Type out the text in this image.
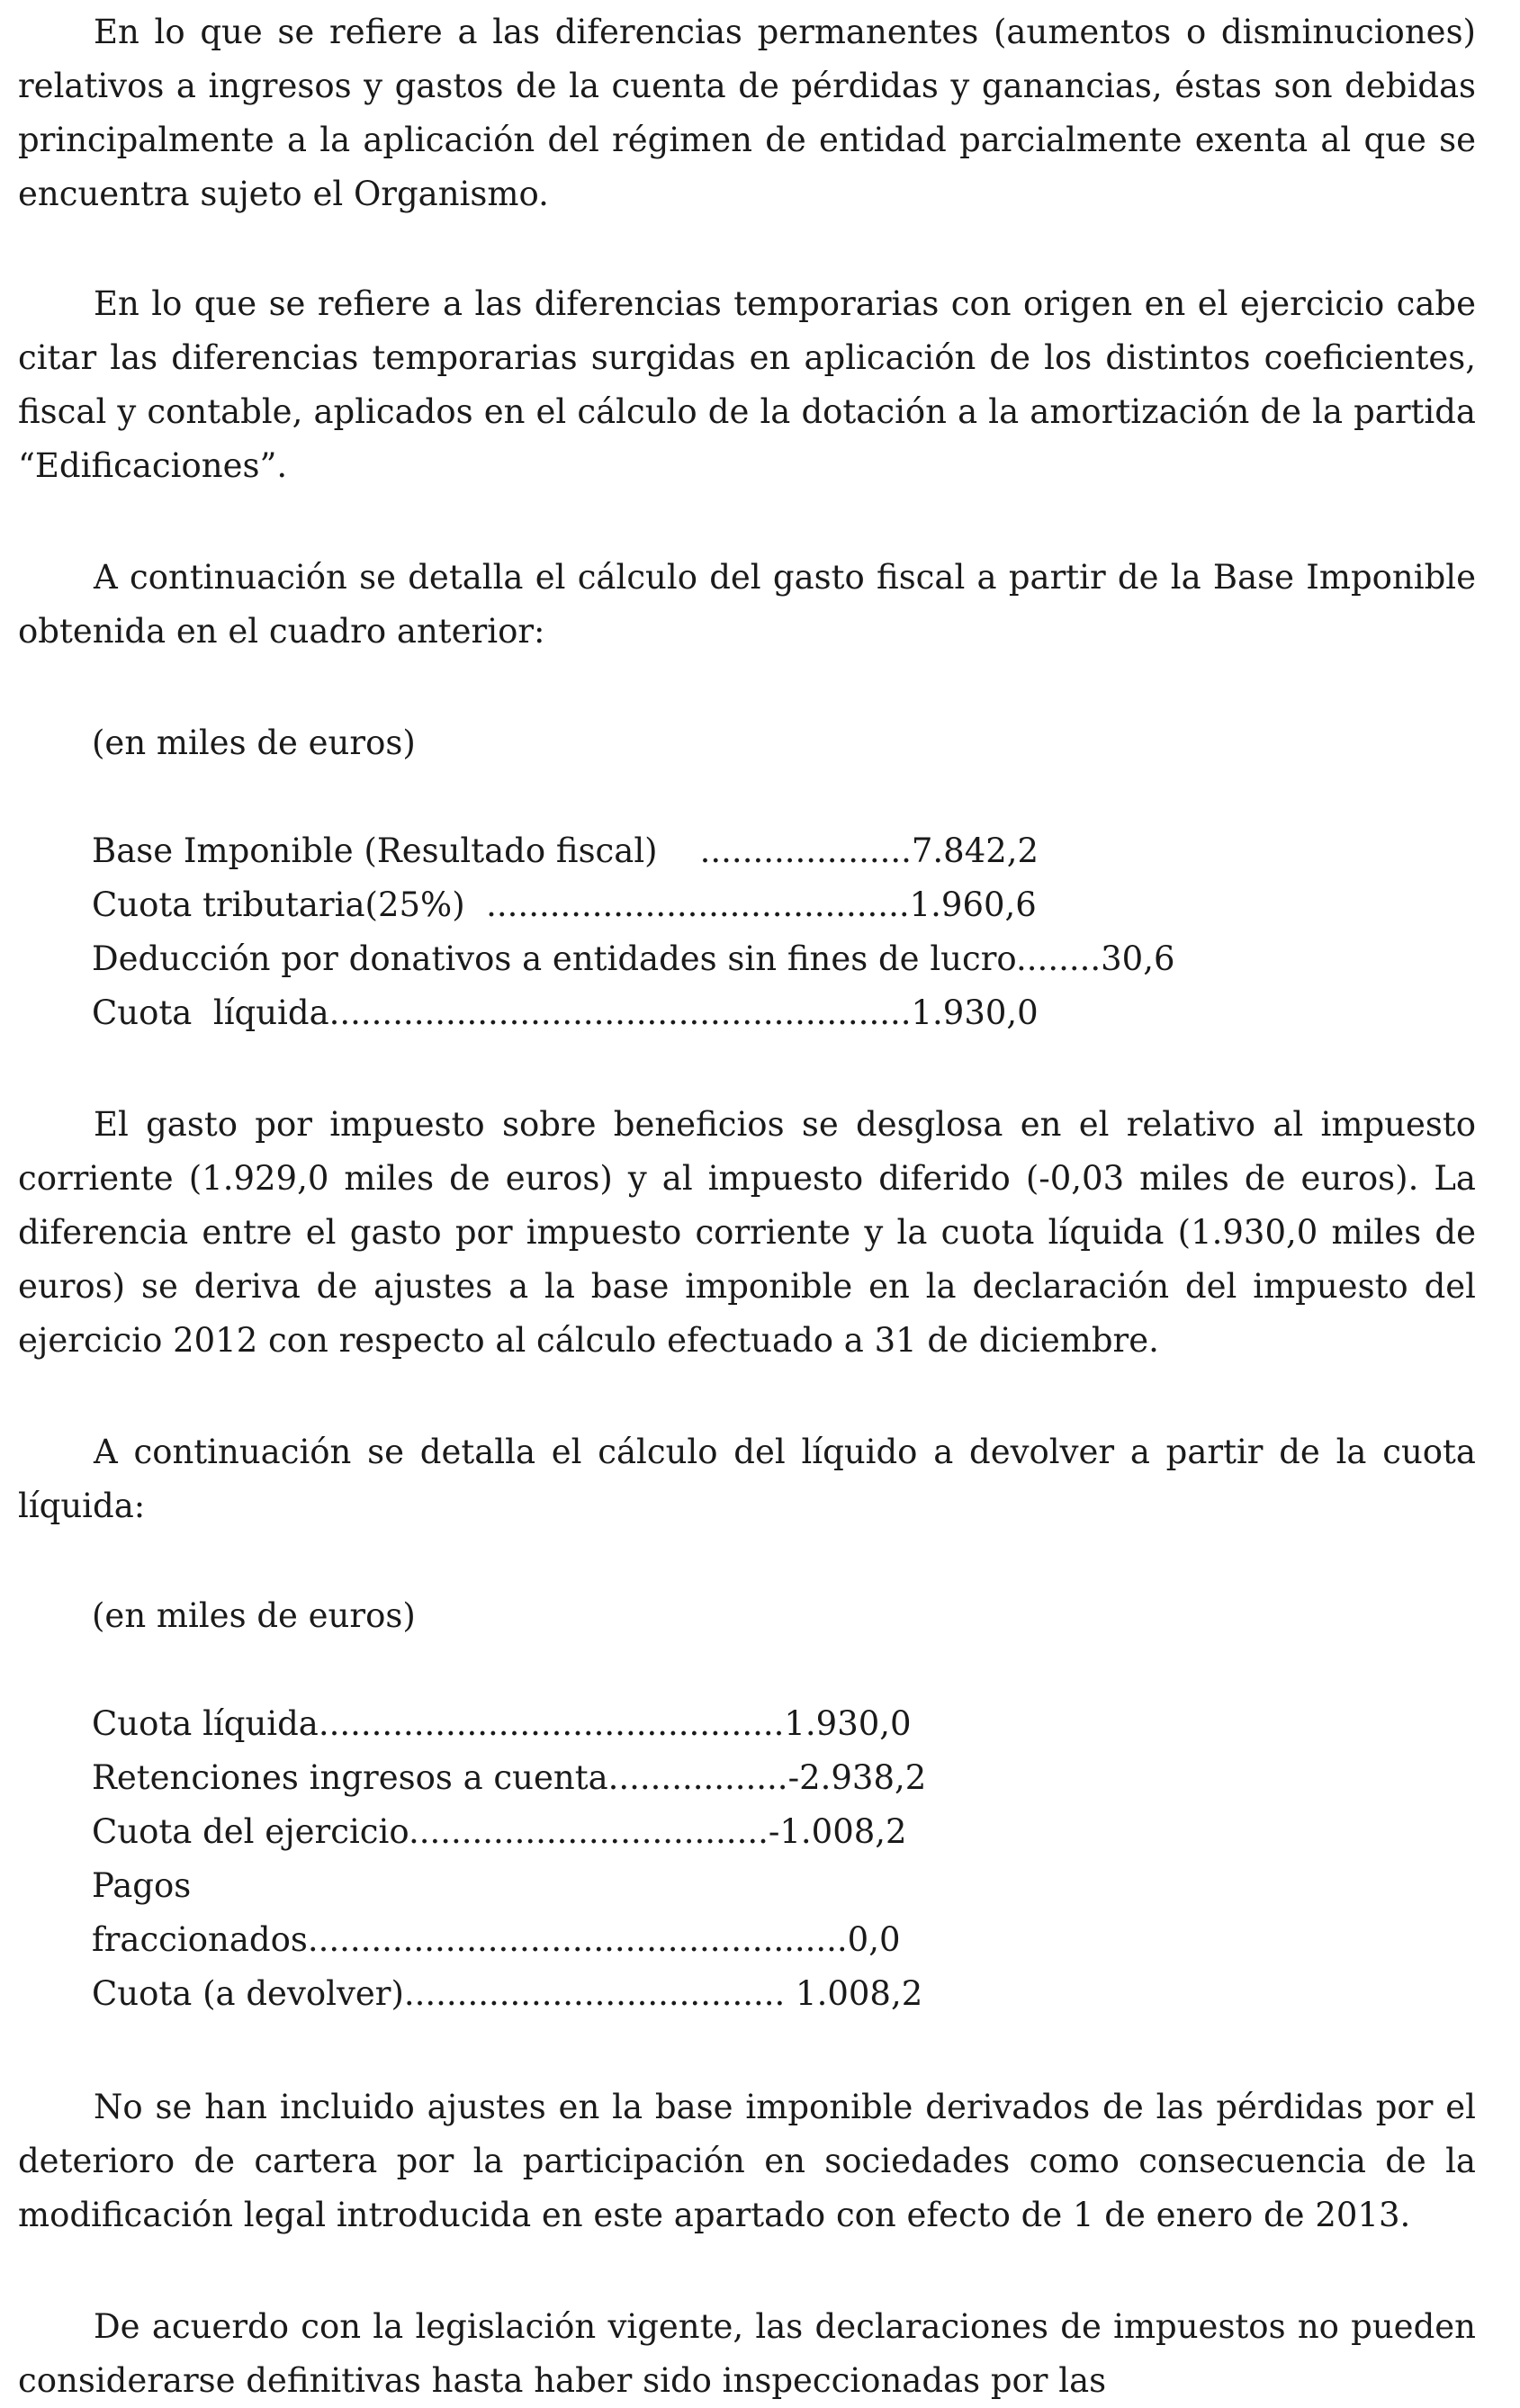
En lo que se refiere a las diferencias permanentes (aumentos o disminuciones) relativos a ingresos y gastos de la cuenta de pérdidas y ganancias, éstas son debidas principalmente a la aplicación del régimen de entidad parcialmente exenta al que se encuentra sujeto el Organismo.

En lo que se refiere a las diferencias temporarias con origen en el ejercicio cabe citar las diferencias temporarias surgidas en aplicación de los distintos coeficientes, fiscal y contable, aplicados en el cálculo de la dotación a la amortización de la partida “Edificaciones”.

A continuación se detalla el cálculo del gasto fiscal a partir de la Base Imponible obtenida en el cuadro anterior:

(en miles de euros)

Base Imponible (Resultado fiscal)    ....................7.842,2

Cuota tributaria(25%)  ........................................1.960,6

Deducción por donativos a entidades sin fines de lucro........30,6

Cuota  líquida.......................................................1.930,0

El gasto por impuesto sobre beneficios se desglosa en el relativo al impuesto corriente (1.929,0 miles de euros) y al impuesto diferido (-0,03 miles de euros). La diferencia entre el gasto por impuesto corriente y la cuota líquida (1.930,0 miles de euros) se deriva de ajustes a la base imponible en la declaración del impuesto del ejercicio 2012 con respecto al cálculo efectuado a 31 de diciembre.

A continuación se detalla el cálculo del líquido a devolver a partir de la cuota líquida:

(en miles de euros)

Cuota líquida............................................1.930,0

Retenciones ingresos a cuenta.................-2.938,2

Cuota del ejercicio..................................-1.008,2

Pagos

fraccionados...................................................0,0

Cuota (a devolver).................................... 1.008,2

No se han incluido ajustes en la base imponible derivados de las pérdidas por el deterioro de cartera por la participación en sociedades como consecuencia de la modificación legal introducida en este apartado con efecto de 1 de enero de 2013.

De acuerdo con la legislación vigente, las declaraciones de impuestos no pueden considerarse definitivas hasta haber sido inspeccionadas por las
